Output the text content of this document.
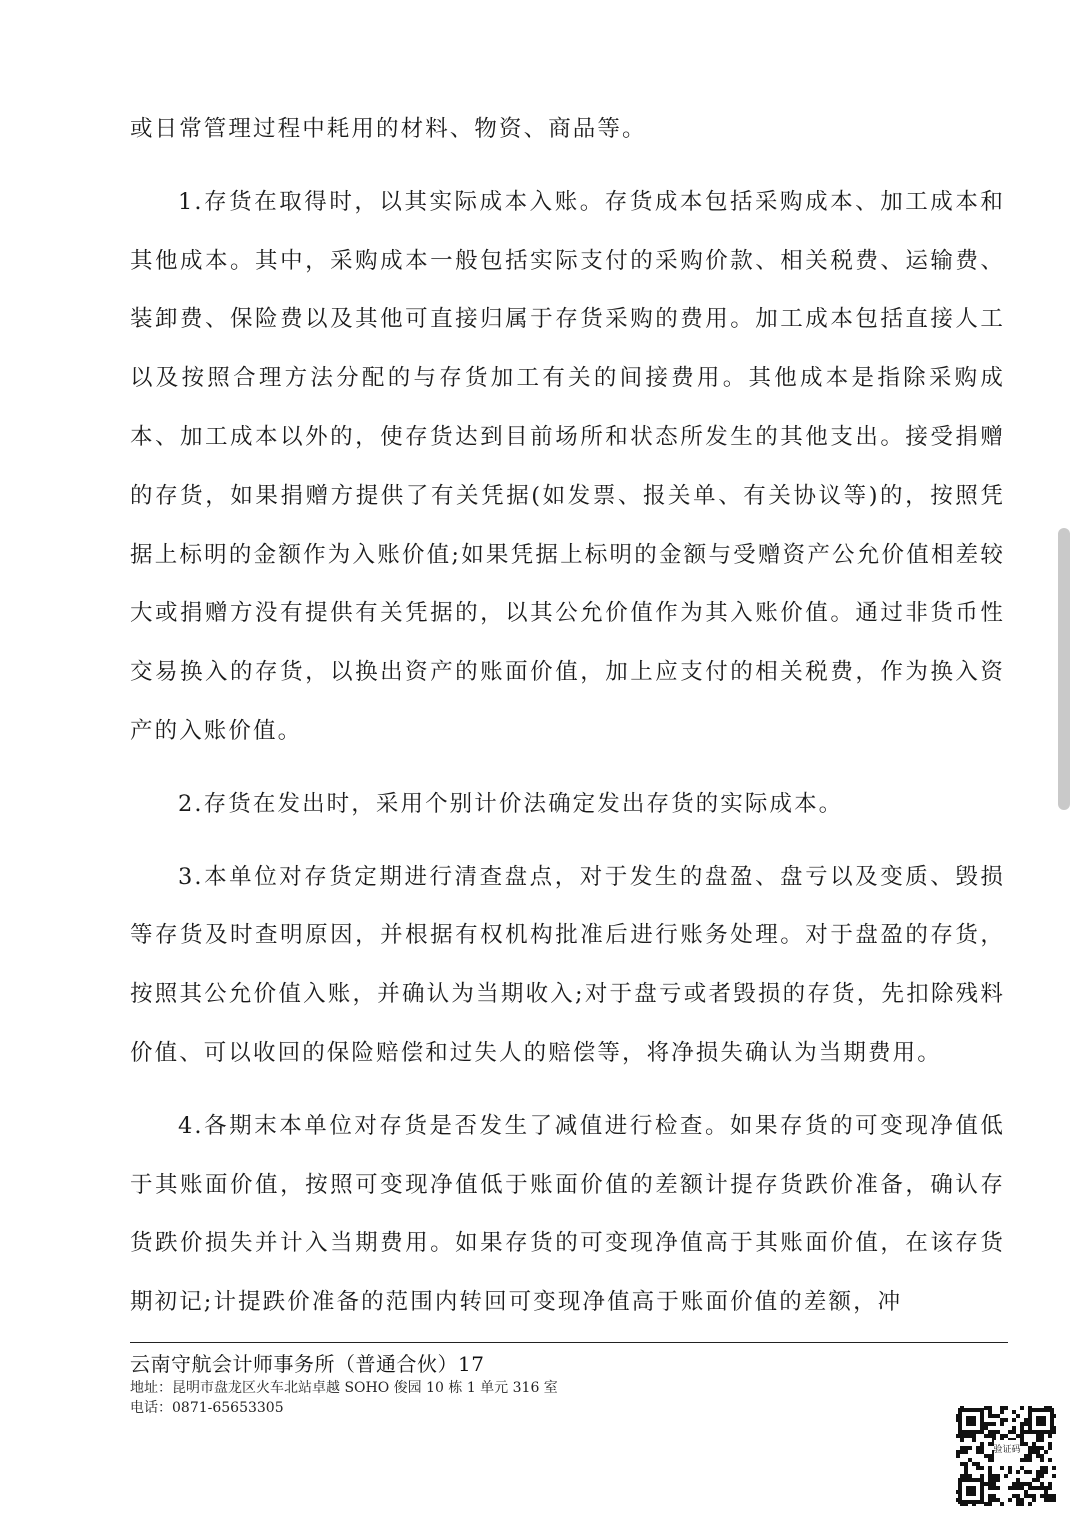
或日常管理过程中耗用的材料、物资、商品等。

1.存货在取得时，以其实际成本入账。存货成本包括采购成本、加工成本和其他成本。其中，采购成本一般包括实际支付的采购价款、相关税费、运输费、装卸费、保险费以及其他可直接归属于存货采购的费用。加工成本包括直接人工以及按照合理方法分配的与存货加工有关的间接费用。其他成本是指除采购成本、加工成本以外的，使存货达到目前场所和状态所发生的其他支出。接受捐赠的存货，如果捐赠方提供了有关凭据(如发票、报关单、有关协议等)的，按照凭据上标明的金额作为入账价值;如果凭据上标明的金额与受赠资产公允价值相差较大或捐赠方没有提供有关凭据的，以其公允价值作为其入账价值。通过非货币性交易换入的存货，以换出资产的账面价值，加上应支付的相关税费，作为换入资产的入账价值。

2.存货在发出时，采用个别计价法确定发出存货的实际成本。

3.本单位对存货定期进行清查盘点，对于发生的盘盈、盘亏以及变质、毁损等存货及时查明原因，并根据有权机构批准后进行账务处理。对于盘盈的存货，按照其公允价值入账，并确认为当期收入;对于盘亏或者毁损的存货，先扣除残料价值、可以收回的保险赔偿和过失人的赔偿等，将净损失确认为当期费用。

4.各期末本单位对存货是否发生了减值进行检查。如果存货的可变现净值低于其账面价值，按照可变现净值低于账面价值的差额计提存货跌价准备，确认存货跌价损失并计入当期费用。如果存货的可变现净值高于其账面价值，在该存货期初记;计提跌价准备的范围内转回可变现净值高于账面价值的差额，冲

云南守航会计师事务所（普通合伙）17
地址：昆明市盘龙区火车北站卓越 SOHO 俊园 10 栋 1 单元 316 室
电话：0871-65653305
验证码
